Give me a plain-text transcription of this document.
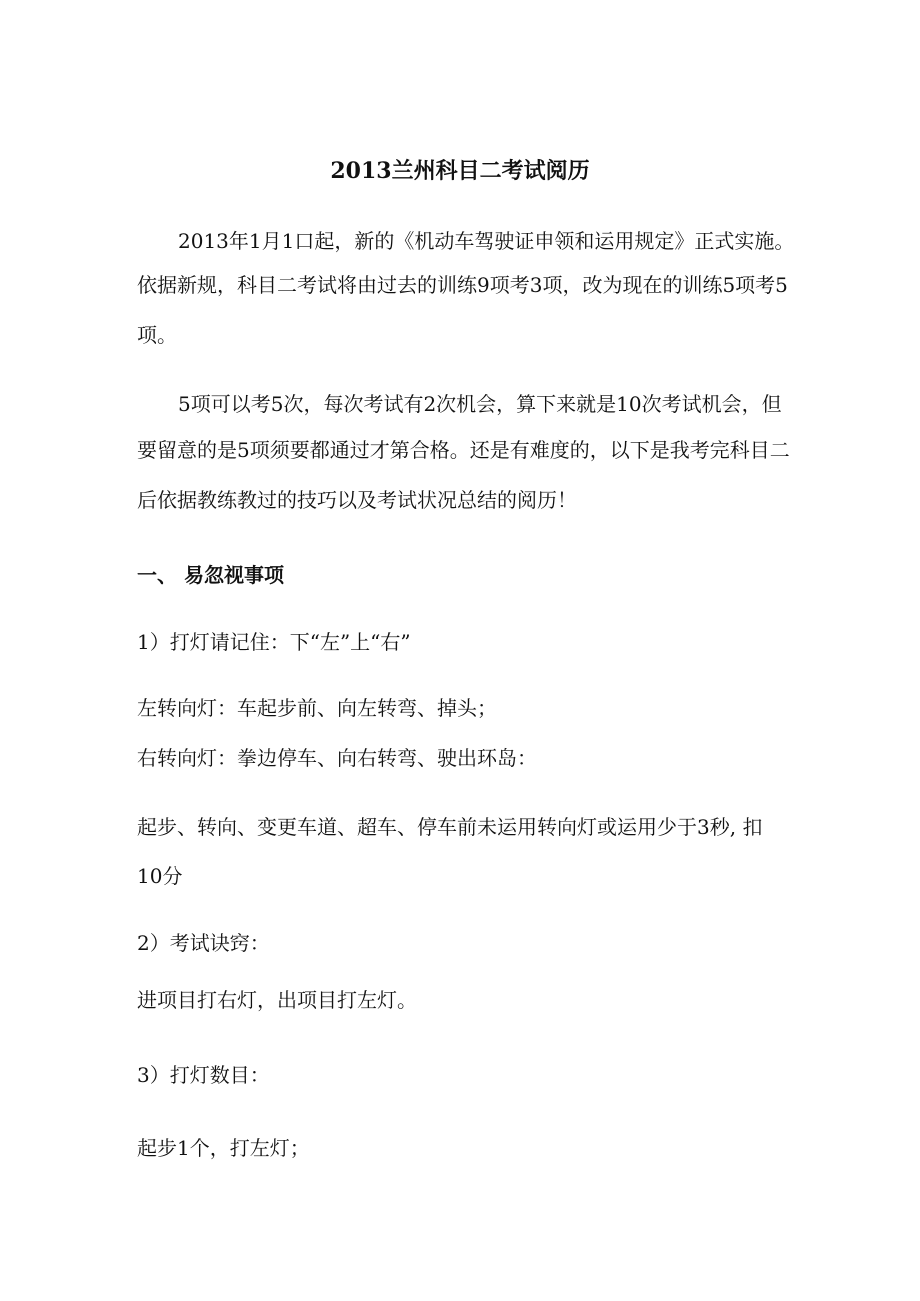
2013兰州科目二考试阅历
2013年1月1口起，新的《机动车驾驶证申领和运用规定》正式实施。
依据新规，科目二考试将由过去的训练9项考3项，改为现在的训练5项考5
项。
5项可以考5次，每次考试有2次机会，算下来就是10次考试机会，但
要留意的是5项须要都通过才第合格。还是有难度的，以下是我考完科目二
后依据教练教过的技巧以及考试状况总结的阅历！
一、 易忽视事项
1）打灯请记住：下“左”上“右”
左转向灯：车起步前、向左转弯、掉头；
右转向灯：拳边停车、向右转弯、驶出环岛：
起步、转向、变更车道、超车、停车前未运用转向灯或运用少于3秒, 扣
10分
2）考试诀窍：
进项目打右灯，出项目打左灯。
3）打灯数目：
起步1个，打左灯；
